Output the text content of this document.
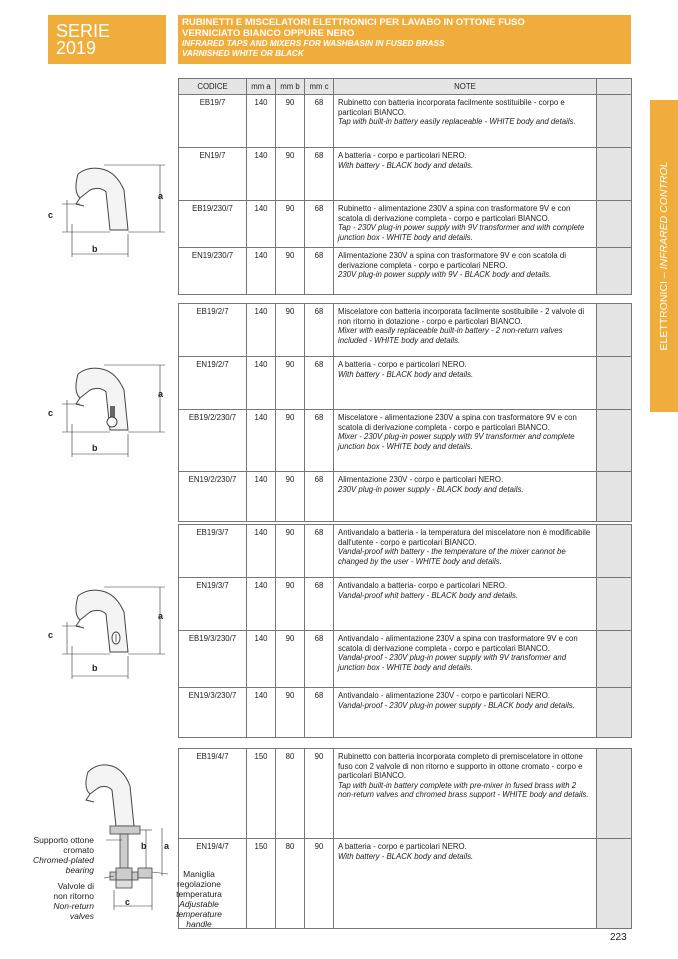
SERIE
2019
RUBINETTI E MISCELATORI ELETTRONICI PER LAVABO IN OTTONE FUSO
VERNICIATO BIANCO OPPURE NERO
INFRARED TAPS AND MIXERS FOR WASHBASIN IN FUSED BRASS
VARNISHED WHITE OR BLACK
ELETTRONICI – INFRARED CONTROL
CODICE	mm a	mm b	mm c	NOTE	
EB19/7	140	90	68	Rubinetto con batteria incorporata facilmente sostituibile - corpo e particolari BIANCO.
Tap with built-in battery easily replaceable - WHITE body and details.	

EN19/7	140	90	68	A batteria - corpo e particolari NERO.
With battery - BLACK body and details.	

EB19/230/7	140	90	68	Rubinetto - alimentazione 230V a spina con trasformatore 9V e con scatola di derivazione completa - corpo e particolari BIANCO.
Tap - 230V plug-in power supply with 9V transformer and with complete junction box - WHITE body and details.	

EN19/230/7	140	90	68	Alimentazione 230V a spina con trasformatore 9V e con scatola di derivazione completa - corpo e particolari NERO.
230V plug-in power supply with 9V - BLACK body and details.	

EB19/2/7	140	90	68	Miscelatore con batteria incorporata facilmente sostituibile - 2 valvole di non ritorno in dotazione - corpo e particolari BIANCO.
Mixer with easily replaceable built-in battery - 2 non-return valves included - WHITE body and details.	

EN19/2/7	140	90	68	A batteria - corpo e particolari NERO.
With battery - BLACK body and details.	

EB19/2/230/7	140	90	68	Miscelatore - alimentazione 230V a spina con trasformatore 9V e con scatola di derivazione completa - corpo e particolari BIANCO.
Mixer - 230V plug-in power supply with 9V transformer and complete junction box - WHITE body and details.	

EN19/2/230/7	140	90	68	Alimentazione 230V - corpo e particolari NERO.
230V plug-in power supply - BLACK body and details.	

EB19/3/7	140	90	68	Antivandalo a batteria - la temperatura del miscelatore non è modificabile dall'utente - corpo e particolari BIANCO.
Vandal-proof with battery - the temperature of the mixer cannot be changed by the user - WHITE body and details.	

EN19/3/7	140	90	68	Antivandalo a batteria- corpo e particolari NERO.
Vandal-proof whit battery - BLACK body and details.	

EB19/3/230/7	140	90	68	Antivandalo - alimentazione 230V a spina con trasformatore 9V e con scatola di derivazione completa - corpo e particolari BIANCO.
Vandal-proof - 230V plug-in power supply with 9V transformer and junction box - WHITE body and details.	

EN19/3/230/7	140	90	68	Antivandalo - alimentazione 230V - corpo e particolari NERO.
Vandal-proof - 230V plug-in power supply - BLACK body and details.	

EB19/4/7	150	80	90	Rubinetto con batteria incorporata completo di premiscelatore in ottone fuso con 2 valvole di non ritorno e supporto in ottone cromato - corpo e particolari BIANCO.
Tap with built-in battery complete with pre-mixer in fused brass with 2 non-return valves and chromed brass support - WHITE body and details.	

EN19/4/7	150	80	90	A batteria - corpo e particolari NERO.
With battery - BLACK body and details.	

a
c
b
a
c
b
a
c
b
b a
c
Supporto ottone
cromato
Chromed-plated
bearing
Valvole di
non ritorno
Non-return
valves
Maniglia
regolazione
temperatura
Adjustable
temperature
handle
223
